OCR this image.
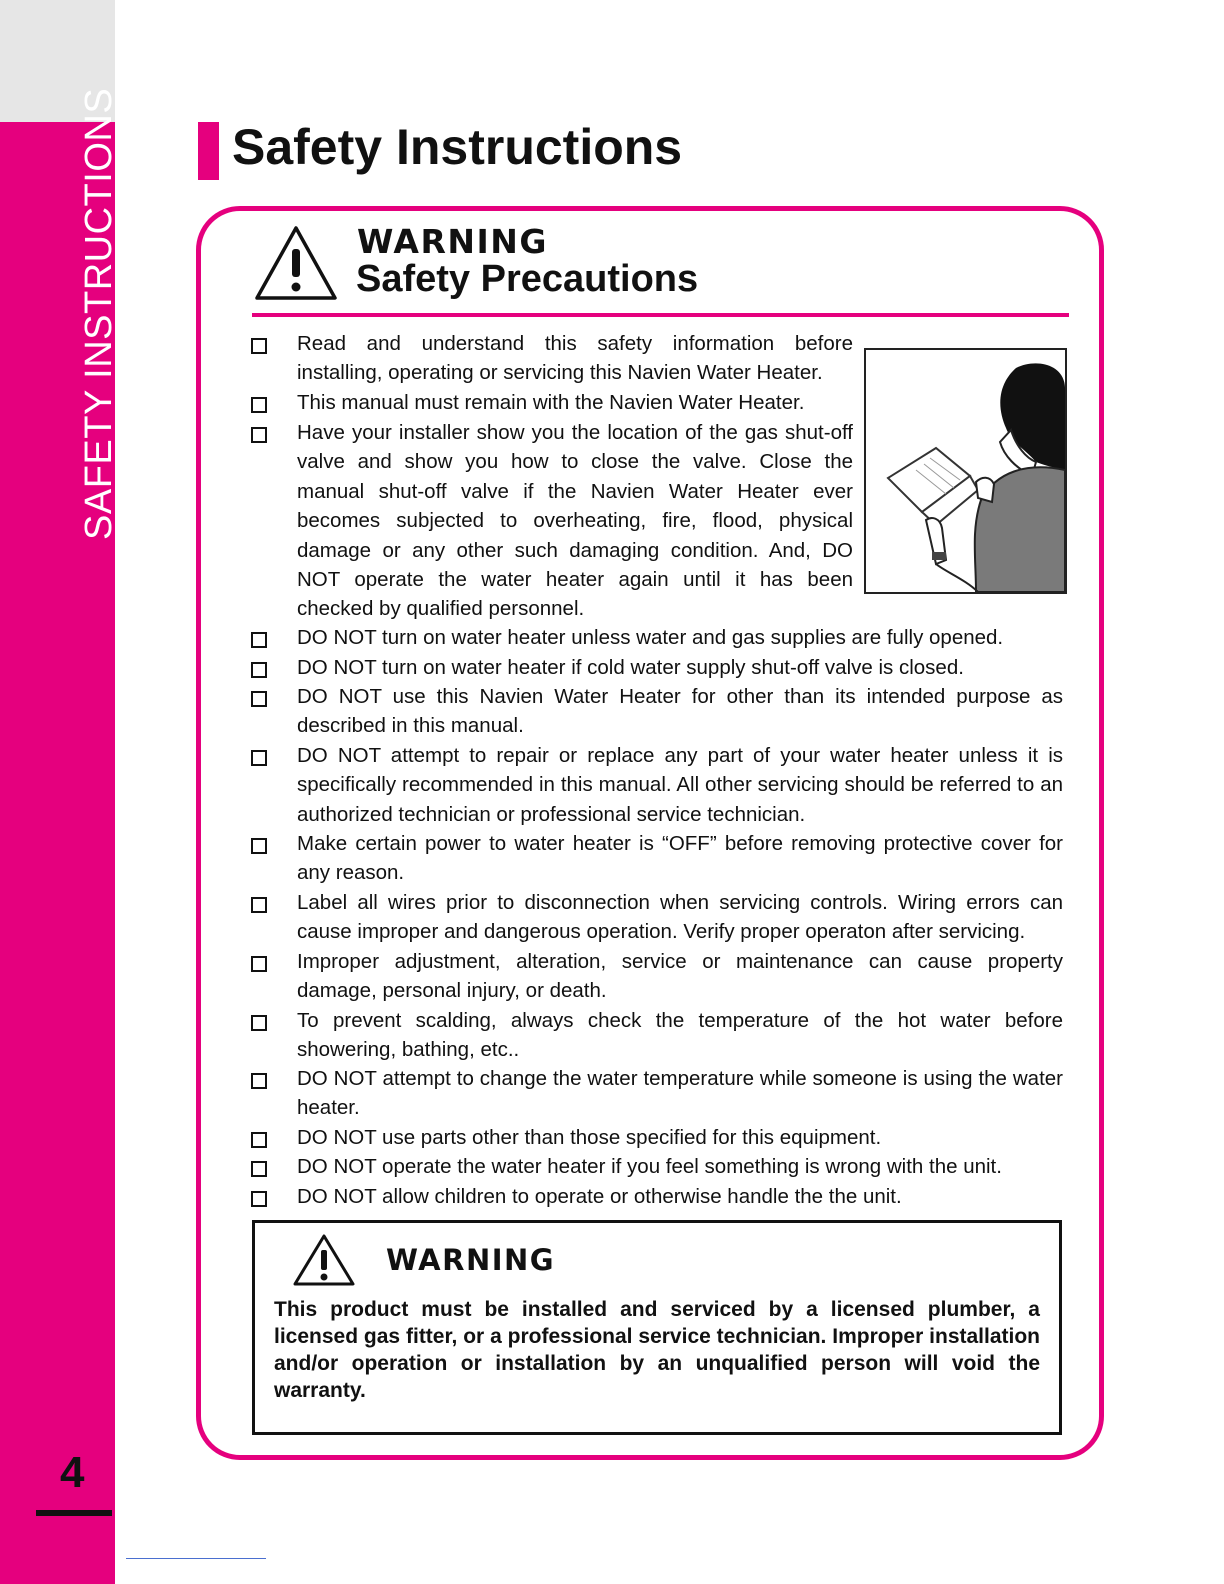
SAFETY INSTRUCTIONS
4
Safety Instructions
WARNING
Safety Precautions
Read and understand this safety information before installing, operating or servicing this Navien Water Heater.
This manual must remain with the Navien Water Heater.
Have your installer show you the location of the gas shut-off valve and show you how to close the valve. Close the manual shut-off valve if the Navien Water Heater ever becomes subjected to overheating, fire, flood, physical damage or any other such damaging condition. And, DO NOT operate the water heater again until it has been checked by qualified personnel.
DO NOT turn on water heater unless water and gas supplies are fully opened.
DO NOT turn on water heater if cold water supply shut-off valve is closed.
DO NOT use this Navien Water Heater for other than its intended purpose as described in this manual.
DO NOT attempt to repair or replace any part of your water heater unless it is specifically recommended in this manual. All other servicing should be referred to an authorized technician or professional service technician.
Make certain power to water heater is “OFF” before removing protective cover for any reason.
Label all wires prior to disconnection when servicing controls. Wiring errors can cause improper and dangerous operation. Verify proper operaton after servicing.
Improper adjustment, alteration, service or maintenance can cause property damage, personal injury, or death.
To prevent scalding, always check the temperature of the hot water before showering, bathing, etc..
DO NOT attempt to change the water temperature while someone is using the water heater.
DO NOT use parts other than those specified for this equipment.
DO NOT operate the water heater if you feel something is wrong with the unit.
DO NOT allow children to operate or otherwise handle the the unit.
WARNING
This product must be installed and serviced by a licensed plumber, a licensed gas fitter, or a professional service technician. Improper installation and/or operation or installation by an unqualified person will void the warranty.
